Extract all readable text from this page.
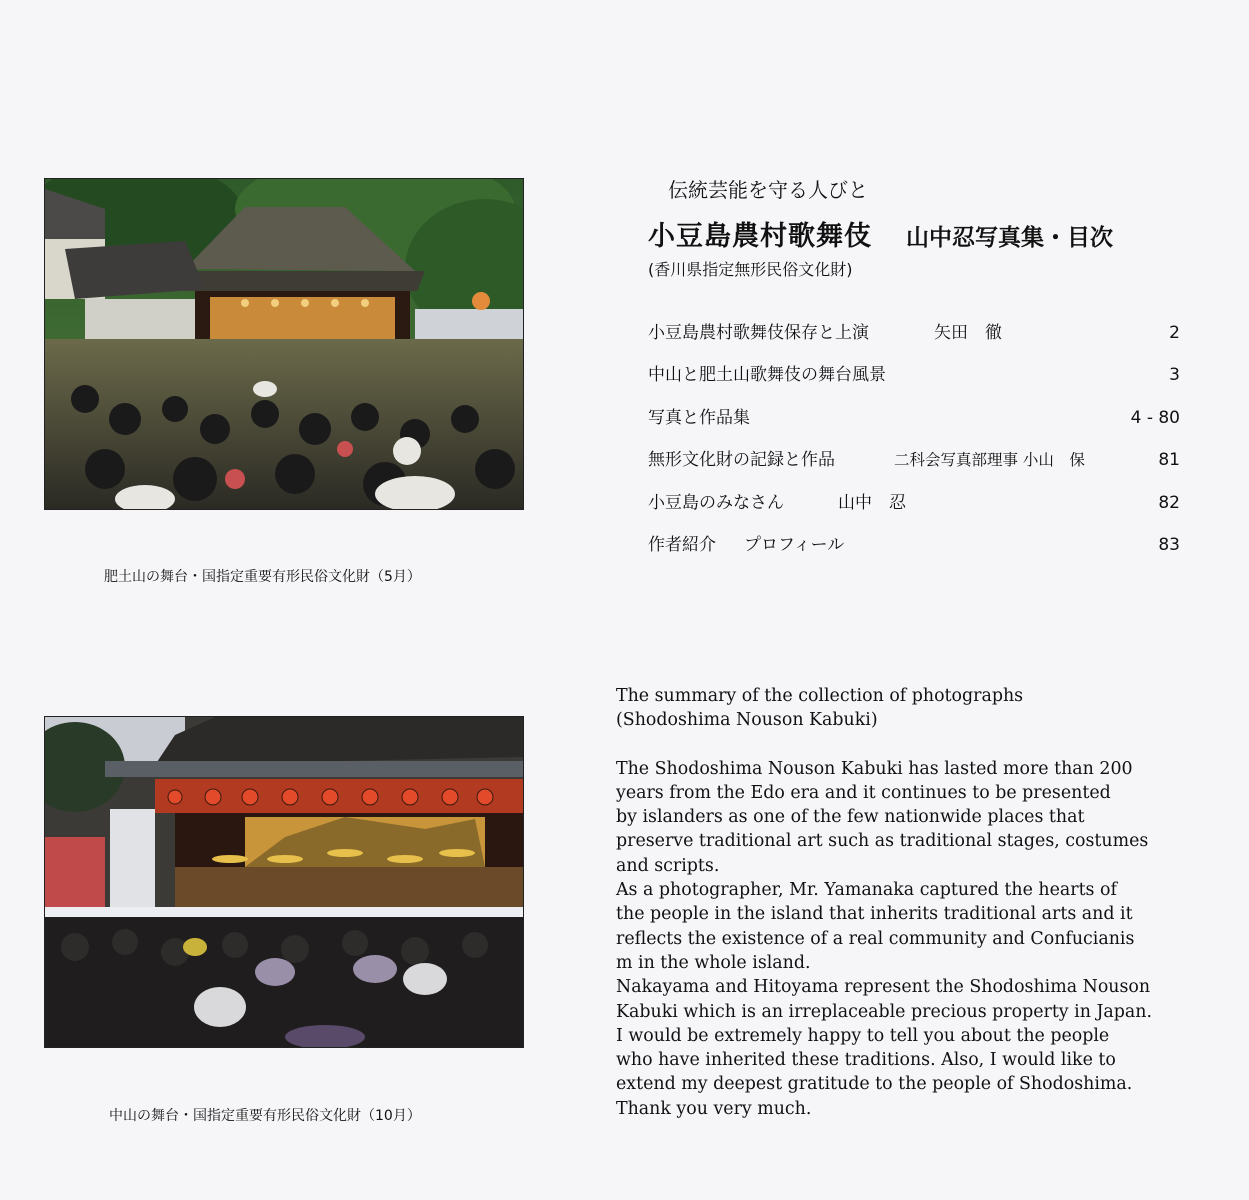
肥土山の舞台・国指定重要有形民俗文化財（5月）
中山の舞台・国指定重要有形民俗文化財（10月）
伝統芸能を守る人びと
小豆島農村歌舞伎 山中忍写真集・目次
(香川県指定無形民俗文化財)
小豆島農村歌舞伎保存と上演	矢田　徹	2
中山と肥土山歌舞伎の舞台風景	3
写真と作品集	4 - 80
無形文化財の記録と作品	二科会写真部理事 小山　保	81
小豆島のみなさん	山中　忍	82
作者紹介 プロフィール	83

The summary of the collection of photographs

(Shodoshima Nouson Kabuki)

The Shodoshima Nouson Kabuki has lasted more than 200

years from the Edo era and it continues to be presented

by islanders as one of the few nationwide places that

preserve traditional art such as traditional stages, costumes

and scripts.

As a photographer, Mr. Yamanaka captured the hearts of

the people in the island that inherits traditional arts and it

reflects the existence of a real community and Confucianis

m in the whole island.

Nakayama and Hitoyama represent the Shodoshima Nouson

Kabuki which is an irreplaceable precious property in Japan.

I would be extremely happy to tell you about the people

who have inherited these traditions. Also, I would like to

extend my deepest gratitude to the people of Shodoshima.

Thank you very much.
